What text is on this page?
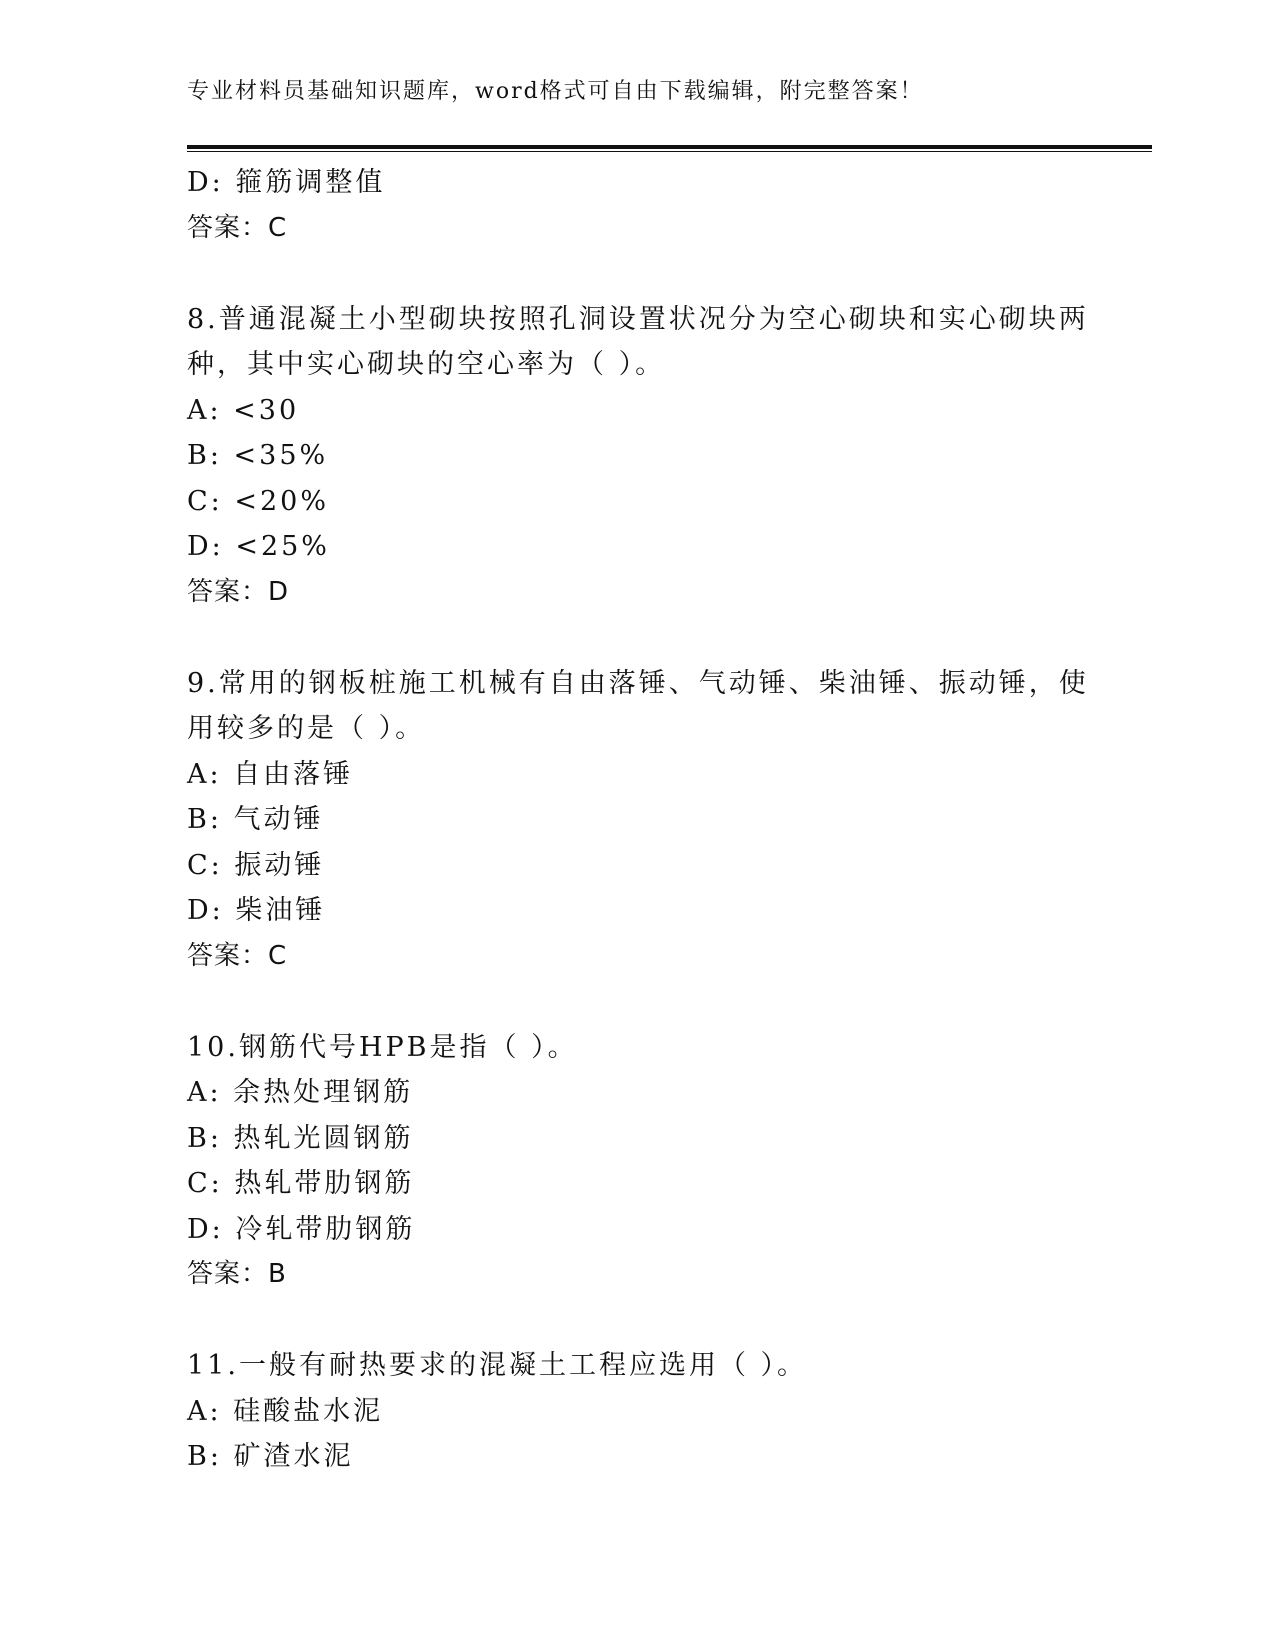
专业材料员基础知识题库，word格式可自由下载编辑，附完整答案！
D: 箍筋调整值
答案：C
8.普通混凝土小型砌块按照孔洞设置状况分为空心砌块和实心砌块两
种，其中实心砌块的空心率为（ ）。
A: <30
B: <35%
C: <20%
D: <25%
答案：D
9.常用的钢板桩施工机械有自由落锤、气动锤、柴油锤、振动锤，使
用较多的是（ ）。
A: 自由落锤
B: 气动锤
C: 振动锤
D: 柴油锤
答案：C
10.钢筋代号HPB是指（ ）。
A: 余热处理钢筋
B: 热轧光圆钢筋
C: 热轧带肋钢筋
D: 冷轧带肋钢筋
答案：B
11.一般有耐热要求的混凝土工程应选用（ ）。
A: 硅酸盐水泥
B: 矿渣水泥
